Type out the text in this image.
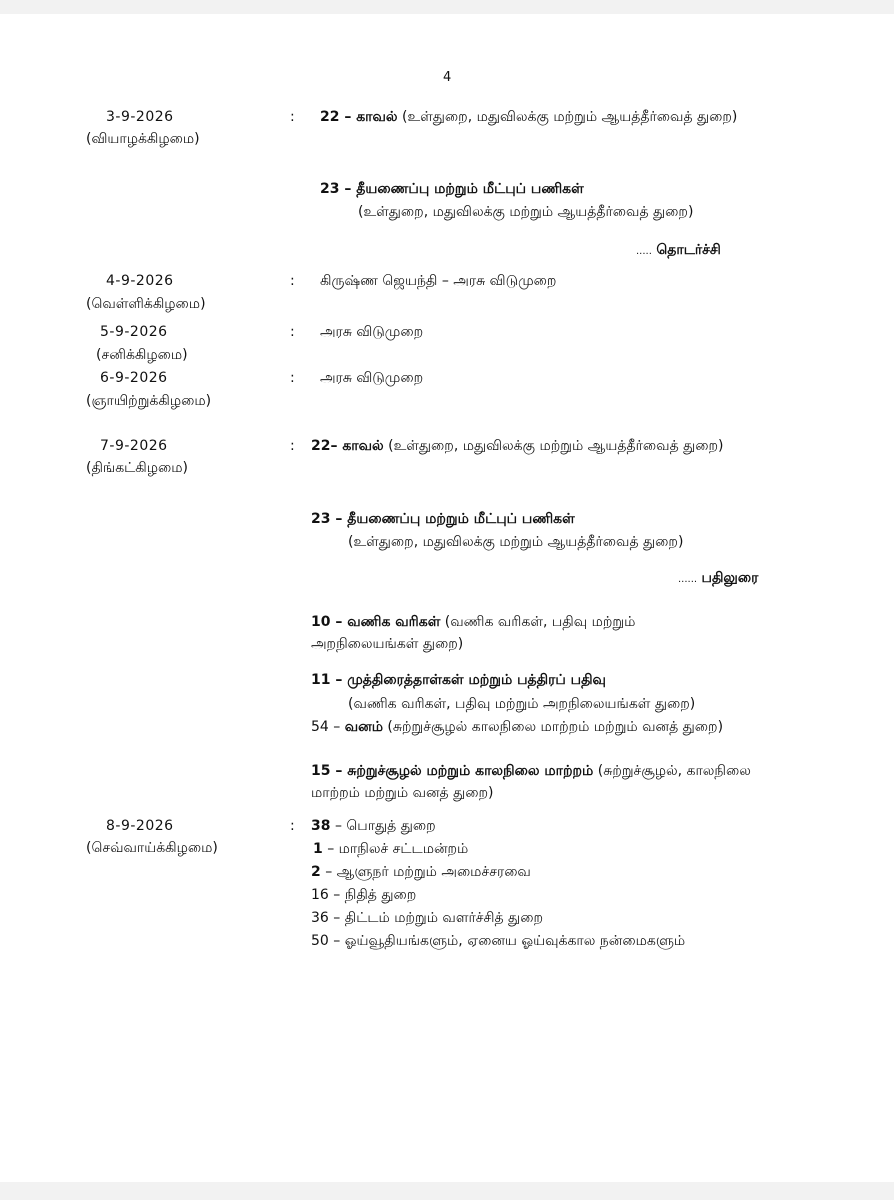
4
3-9-2026
(வியாழக்கிழமை)
: 22 – காவல் (உள்துறை, மதுவிலக்கு மற்றும் ஆயத்தீர்வைத் துறை)
23 – தீயணைப்பு மற்றும் மீட்புப் பணிகள்
(உள்துறை, மதுவிலக்கு மற்றும் ஆயத்தீர்வைத் துறை)
..... தொடர்ச்சி
4-9-2026
(வெள்ளிக்கிழமை)
: கிருஷ்ண ஜெயந்தி – அரசு விடுமுறை
5-9-2026
(சனிக்கிழமை)
: அரசு விடுமுறை
6-9-2026
(ஞாயிற்றுக்கிழமை)
: அரசு விடுமுறை
7-9-2026
(திங்கட்கிழமை)
: 22– காவல் (உள்துறை, மதுவிலக்கு மற்றும் ஆயத்தீர்வைத் துறை)
23 – தீயணைப்பு மற்றும் மீட்புப் பணிகள்
(உள்துறை, மதுவிலக்கு மற்றும் ஆயத்தீர்வைத் துறை)
...... பதிலுரை
10 – வணிக வரிகள் (வணிக வரிகள், பதிவு மற்றும் அறநிலையங்கள் துறை)
11 – முத்திரைத்தாள்கள் மற்றும் பத்திரப் பதிவு
(வணிக வரிகள், பதிவு மற்றும் அறநிலையங்கள் துறை)
54 – வனம் (சுற்றுச்சூழல் காலநிலை மாற்றம் மற்றும் வனத் துறை)
15 – சுற்றுச்சூழல் மற்றும் காலநிலை மாற்றம் (சுற்றுச்சூழல், காலநிலை மாற்றம் மற்றும் வனத் துறை)
8-9-2026
(செவ்வாய்க்கிழமை)
: 38 – பொதுத் துறை
1 – மாநிலச் சட்டமன்றம்
2 – ஆளுநர் மற்றும் அமைச்சரவை
16 – நிதித் துறை
36 – திட்டம் மற்றும் வளர்ச்சித் துறை
50 – ஓய்வூதியங்களும், ஏனைய ஓய்வுக்கால நன்மைகளும்
